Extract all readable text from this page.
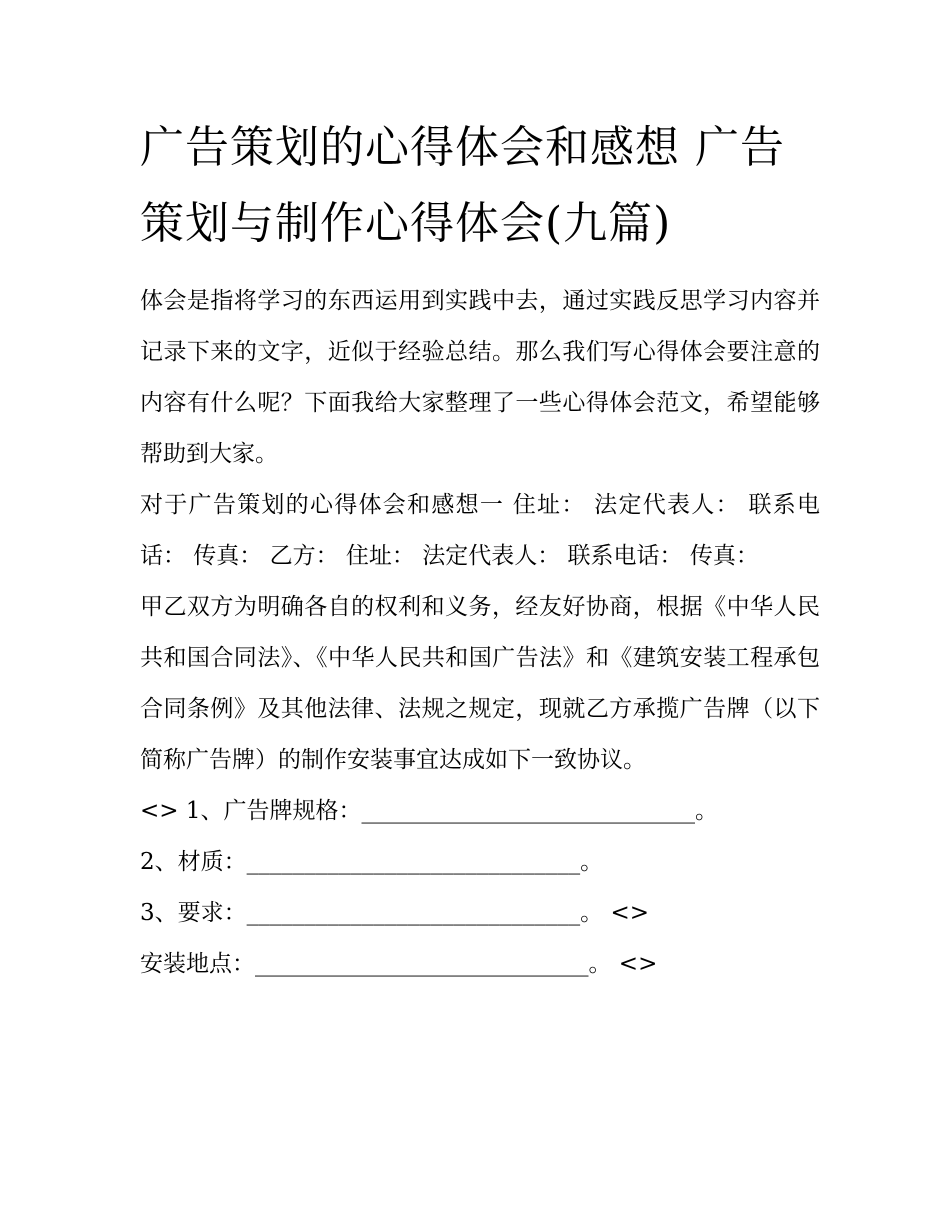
广告策划的心得体会和感想 广告策划与制作心得体会(九篇)

体会是指将学习的东西运用到实践中去，通过实践反思学习内容并记录下来的文字，近似于经验总结。那么我们写心得体会要注意的内容有什么呢？下面我给大家整理了一些心得体会范文，希望能够帮助到大家。

对于广告策划的心得体会和感想一 住址： 法定代表人： 联系电话： 传真： 乙方： 住址： 法定代表人： 联系电话： 传真：

甲乙双方为明确各自的权利和义务，经友好协商，根据《中华人民共和国合同法》、《中华人民共和国广告法》和《建筑安装工程承包合同条例》及其他法律、法规之规定，现就乙方承揽广告牌（以下简称广告牌）的制作安装事宜达成如下一致协议。

<> 1、广告牌规格：_____________________________。

2、材质：_____________________________。

3、要求：_____________________________。 <>

安装地点：_____________________________。 <>
